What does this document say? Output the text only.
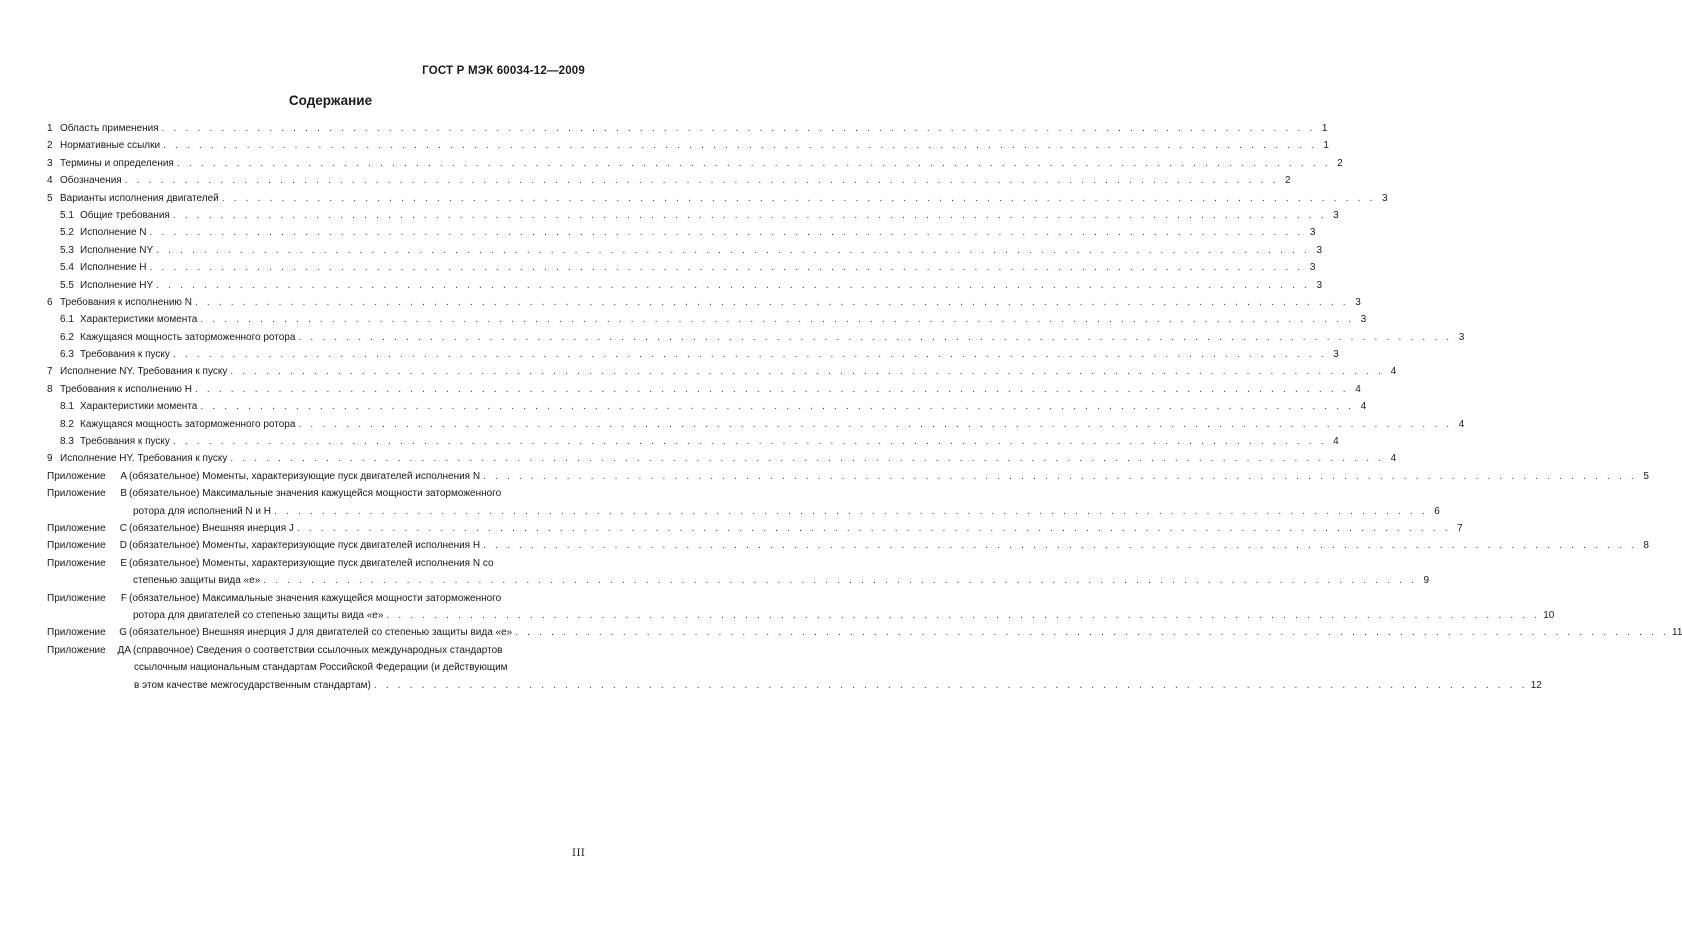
ГОСТ Р МЭК 60034-12—2009
Содержание
1 Область применения . . . . . . . . . . . . . . . . . . . . . . . . . . . . . . . . . . . . . . . . . . . . . . . . . . . . . . . . . . . . . . . . . . . . . . . . . . . . . . . . . . . . . . . . . . . . . . . . . 1
2 Нормативные ссылки . . . . . . . . . . . . . . . . . . . . . . . . . . . . . . . . . . . . . . . . . . . . . . . . . . . . . . . . . . . . . . . . . . . . . . . . . . . . . . . . . . . . . . . . . . . . . . . . . 1
3 Термины и определения . . . . . . . . . . . . . . . . . . . . . . . . . . . . . . . . . . . . . . . . . . . . . . . . . . . . . . . . . . . . . . . . . . . . . . . . . . . . . . . . . . . . . . . . . . . . . . . . . 2
4 Обозначения . . . . . . . . . . . . . . . . . . . . . . . . . . . . . . . . . . . . . . . . . . . . . . . . . . . . . . . . . . . . . . . . . . . . . . . . . . . . . . . . . . . . . . . . . . . . . . . . . 2
5 Варианты исполнения двигателей . . . . . . . . . . . . . . . . . . . . . . . . . . . . . . . . . . . . . . . . . . . . . . . . . . . . . . . . . . . . . . . . . . . . . . . . . . . . . . . . . . . . . . . . . . . . . . . . . 3
5.1 Общие требования . . . . . . . . . . . . . . . . . . . . . . . . . . . . . . . . . . . . . . . . . . . . . . . . . . . . . . . . . . . . . . . . . . . . . . . . . . . . . . . . . . . . . . . . . . . . . . . . . 3
5.2 Исполнение N . . . . . . . . . . . . . . . . . . . . . . . . . . . . . . . . . . . . . . . . . . . . . . . . . . . . . . . . . . . . . . . . . . . . . . . . . . . . . . . . . . . . . . . . . . . . . . . . . 3
5.3 Исполнение NY . . . . . . . . . . . . . . . . . . . . . . . . . . . . . . . . . . . . . . . . . . . . . . . . . . . . . . . . . . . . . . . . . . . . . . . . . . . . . . . . . . . . . . . . . . . . . . . . . 3
5.4 Исполнение H . . . . . . . . . . . . . . . . . . . . . . . . . . . . . . . . . . . . . . . . . . . . . . . . . . . . . . . . . . . . . . . . . . . . . . . . . . . . . . . . . . . . . . . . . . . . . . . . . 3
5.5 Исполнение HY . . . . . . . . . . . . . . . . . . . . . . . . . . . . . . . . . . . . . . . . . . . . . . . . . . . . . . . . . . . . . . . . . . . . . . . . . . . . . . . . . . . . . . . . . . . . . . . . . 3
6 Требования к исполнению N . . . . . . . . . . . . . . . . . . . . . . . . . . . . . . . . . . . . . . . . . . . . . . . . . . . . . . . . . . . . . . . . . . . . . . . . . . . . . . . . . . . . . . . . . . . . . . . . . 3
6.1 Характеристики момента . . . . . . . . . . . . . . . . . . . . . . . . . . . . . . . . . . . . . . . . . . . . . . . . . . . . . . . . . . . . . . . . . . . . . . . . . . . . . . . . . . . . . . . . . . . . . . . . . 3
6.2 Кажущаяся мощность заторможенного ротора . . . . . . . . . . . . . . . . . . . . . . . . . . . . . . . . . . . . . . . . . . . . . . . . . . . . . . . . . . . . . . . . . . . . . . . . . . . . . . . . . . . . . . . . . . . . . . . . . 3
6.3 Требования к пуску . . . . . . . . . . . . . . . . . . . . . . . . . . . . . . . . . . . . . . . . . . . . . . . . . . . . . . . . . . . . . . . . . . . . . . . . . . . . . . . . . . . . . . . . . . . . . . . . . 3
7 Исполнение NY. Требования к пуску . . . . . . . . . . . . . . . . . . . . . . . . . . . . . . . . . . . . . . . . . . . . . . . . . . . . . . . . . . . . . . . . . . . . . . . . . . . . . . . . . . . . . . . . . . . . . . . . . 4
8 Требования к исполнению H . . . . . . . . . . . . . . . . . . . . . . . . . . . . . . . . . . . . . . . . . . . . . . . . . . . . . . . . . . . . . . . . . . . . . . . . . . . . . . . . . . . . . . . . . . . . . . . . . 4
8.1 Характеристики момента . . . . . . . . . . . . . . . . . . . . . . . . . . . . . . . . . . . . . . . . . . . . . . . . . . . . . . . . . . . . . . . . . . . . . . . . . . . . . . . . . . . . . . . . . . . . . . . . . 4
8.2 Кажущаяся мощность заторможенного ротора . . . . . . . . . . . . . . . . . . . . . . . . . . . . . . . . . . . . . . . . . . . . . . . . . . . . . . . . . . . . . . . . . . . . . . . . . . . . . . . . . . . . . . . . . . . . . . . . . 4
8.3 Требования к пуску . . . . . . . . . . . . . . . . . . . . . . . . . . . . . . . . . . . . . . . . . . . . . . . . . . . . . . . . . . . . . . . . . . . . . . . . . . . . . . . . . . . . . . . . . . . . . . . . . 4
9 Исполнение HY. Требования к пуску . . . . . . . . . . . . . . . . . . . . . . . . . . . . . . . . . . . . . . . . . . . . . . . . . . . . . . . . . . . . . . . . . . . . . . . . . . . . . . . . . . . . . . . . . . . . . . . . . 4
Приложение	А (обязательное) Моменты, характеризующие пуск двигателей исполнения N . . . . . . . . . . . . . . . . . . . . . . . . . . . . . . . . . . . . . . . . . . . . . . . . . . . . . . . . . . . . . . . . . . . . . . . . . . . . . . . . . . . . . . . . . . . . . . . . . 5
Приложение	В (обязательное) Максимальные значения кажущейся мощности заторможенного
ротора для исполнений N и H . . . . . . . . . . . . . . . . . . . . . . . . . . . . . . . . . . . . . . . . . . . . . . . . . . . . . . . . . . . . . . . . . . . . . . . . . . . . . . . . . . . . . . . . . . . . . . . . . 6
Приложение	С (обязательное) Внешняя инерция J . . . . . . . . . . . . . . . . . . . . . . . . . . . . . . . . . . . . . . . . . . . . . . . . . . . . . . . . . . . . . . . . . . . . . . . . . . . . . . . . . . . . . . . . . . . . . . . . . 7
Приложение	D (обязательное) Моменты, характеризующие пуск двигателей исполнения H . . . . . . . . . . . . . . . . . . . . . . . . . . . . . . . . . . . . . . . . . . . . . . . . . . . . . . . . . . . . . . . . . . . . . . . . . . . . . . . . . . . . . . . . . . . . . . . . . 8
Приложение	Е (обязательное) Моменты, характеризующие пуск двигателей исполнения N со
степенью защиты вида «е» . . . . . . . . . . . . . . . . . . . . . . . . . . . . . . . . . . . . . . . . . . . . . . . . . . . . . . . . . . . . . . . . . . . . . . . . . . . . . . . . . . . . . . . . . . . . . . . . . 9
Приложение	F (обязательное) Максимальные значения кажущейся мощности заторможенного
ротора для двигателей со степенью защиты вида «е» . . . . . . . . . . . . . . . . . . . . . . . . . . . . . . . . . . . . . . . . . . . . . . . . . . . . . . . . . . . . . . . . . . . . . . . . . . . . . . . . . . . . . . . . . . . . . . . . . 10
Приложение	G (обязательное) Внешняя инерция J для двигателей со степенью защиты вида «е» . . . . . . . . . . . . . . . . . . . . . . . . . . . . . . . . . . . . . . . . . . . . . . . . . . . . . . . . . . . . . . . . . . . . . . . . . . . . . . . . . . . . . . . . . . . . . . . . . 11
Приложение	ДА (справочное) Сведения о соответствии ссылочных международных стандартов
ссылочным национальным стандартам Российской Федерации (и действующим
в этом качестве межгосударственным стандартам) . . . . . . . . . . . . . . . . . . . . . . . . . . . . . . . . . . . . . . . . . . . . . . . . . . . . . . . . . . . . . . . . . . . . . . . . . . . . . . . . . . . . . . . . . . . . . . . . . 12
III
